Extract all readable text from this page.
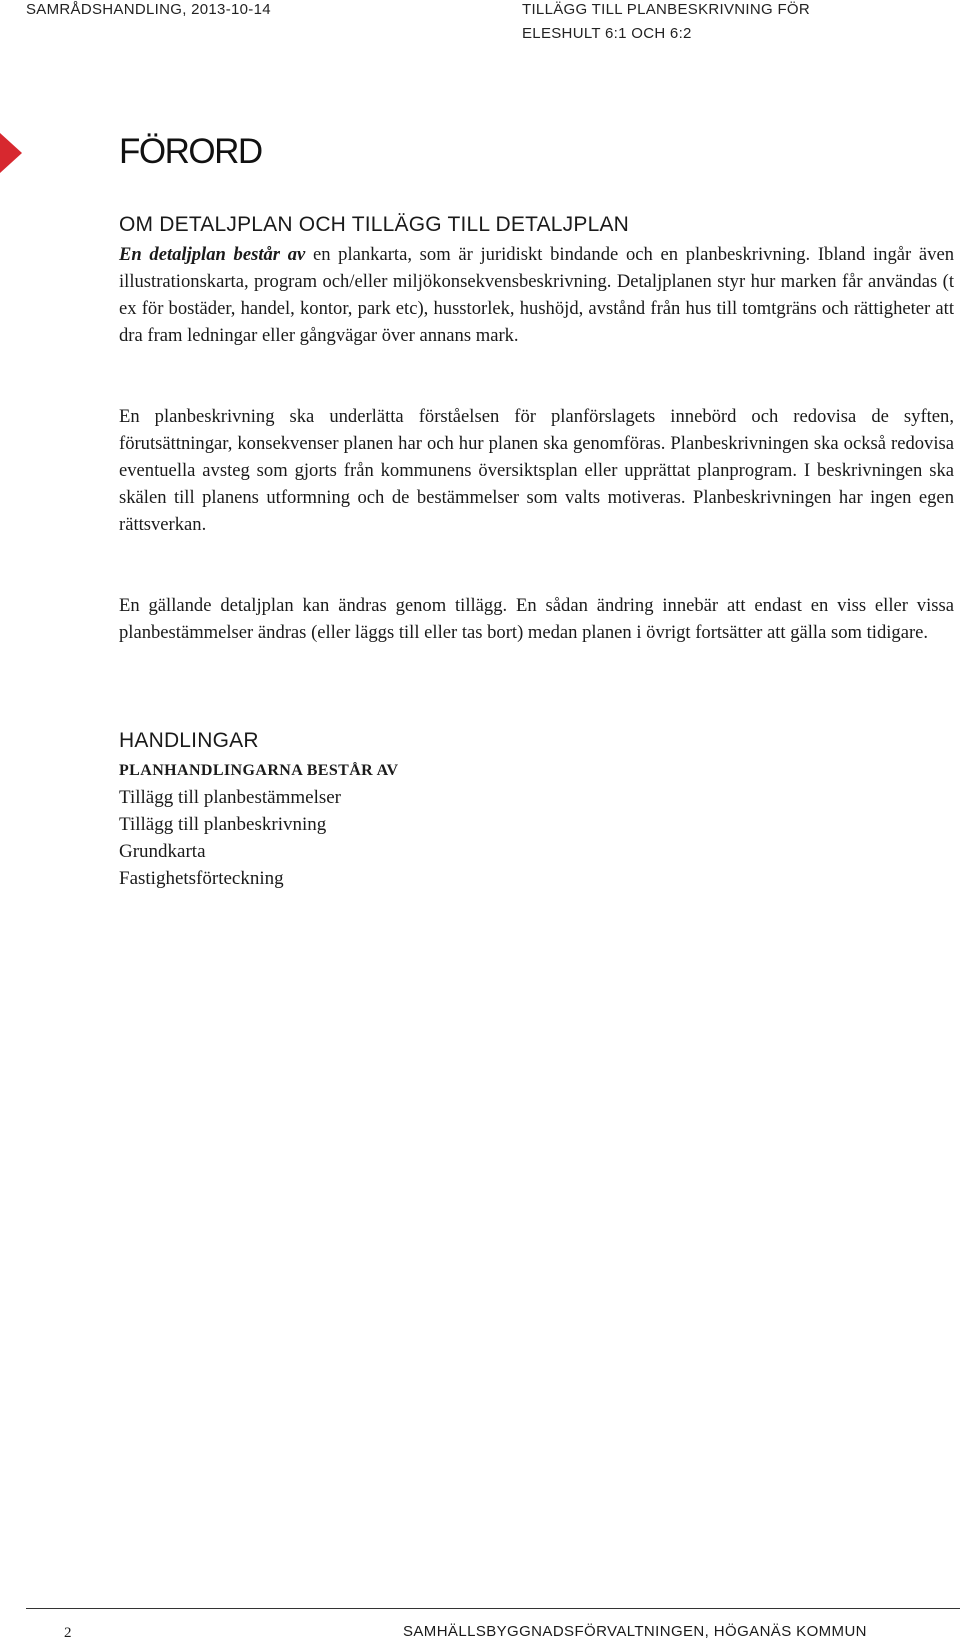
SAMRÅDSHANDLING, 2013-10-14	TILLÄGG TILL PLANBESKRIVNING FÖR
ELESHULT 6:1 OCH 6:2
FÖRORD
OM DETALJPLAN OCH TILLÄGG TILL DETALJPLAN

En detaljplan består av en plankarta, som är juridiskt bindande och en planbeskrivning. Ibland ingår även illustrationskarta, program och/eller miljökonsekvensbeskrivning. Detaljplanen styr hur marken får användas (t ex för bostäder, handel, kontor, park etc), husstorlek, hushöjd, avstånd från hus till tomtgräns och rättigheter att dra fram ledningar eller gångvägar över annans mark.

En planbeskrivning ska underlätta förståelsen för planförslagets innebörd och redovisa de syften, förutsättningar, konsekvenser planen har och hur planen ska genomföras. Planbeskrivningen ska också redovisa eventuella avsteg som gjorts från kommunens översiktsplan eller upprättat planprogram. I beskrivningen ska skälen till planens utformning och de bestämmelser som valts motiveras. Planbeskrivningen har ingen egen rättsverkan.

En gällande detaljplan kan ändras genom tillägg. En sådan ändring innebär att endast en viss eller vissa planbestämmelser ändras (eller läggs till eller tas bort) medan planen i övrigt fortsätter att gälla som tidigare.

HANDLINGAR

PLANHANDLINGARNA BESTÅR AV

Tillägg till planbestämmelser
Tillägg till planbeskrivning
Grundkarta
Fastighetsförteckning
2	SAMHÄLLSBYGGNADSFÖRVALTNINGEN, HÖGANÄS KOMMUN
